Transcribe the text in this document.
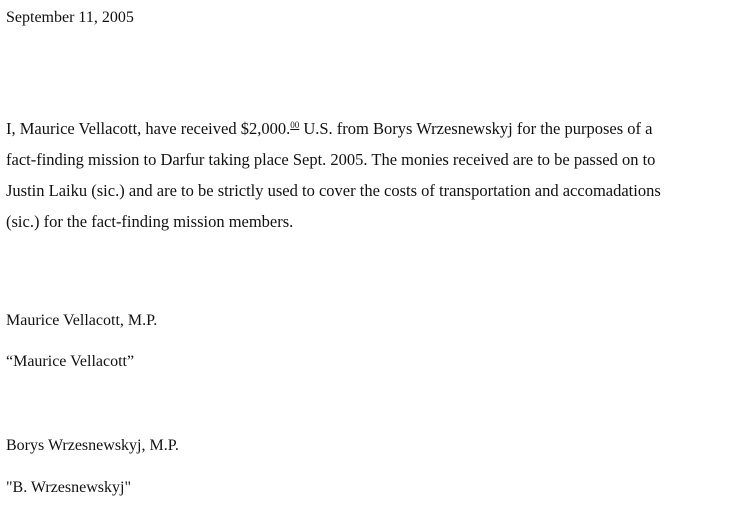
September 11, 2005
I, Maurice Vellacott, have received $2,000.00 U.S. from Borys Wrzesnewskyj for the purposes of a
fact-finding mission to Darfur taking place Sept. 2005. The monies received are to be passed on to
Justin Laiku (sic.) and are to be strictly used to cover the costs of transportation and accomadations
(sic.) for the fact-finding mission members.
Maurice Vellacott, M.P.
“Maurice Vellacott”
Borys Wrzesnewskyj, M.P.
"B. Wrzesnewskyj"
